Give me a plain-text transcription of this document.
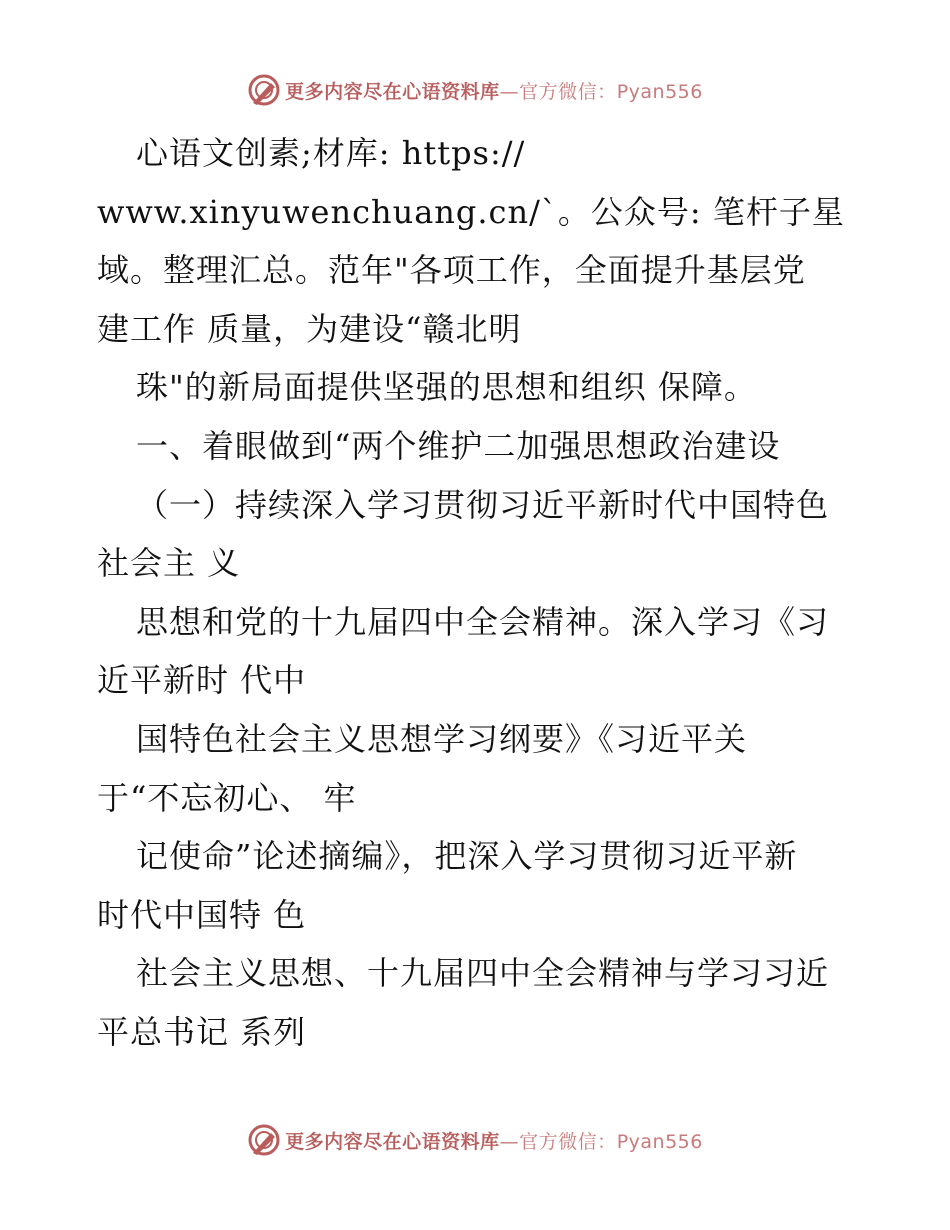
更多内容尽在心语资料库—官方微信：Pyan556
心语文创素;材库: https://
www.xinyuwenchuang.cn/`。公众号: 笔杆子星
域。整理汇总。范年"各项工作，全面提升基层党
建工作 质量，为建设“赣北明
珠"的新局面提供坚强的思想和组织 保障。
一、着眼做到“两个维护二加强思想政治建设
（一）持续深入学习贯彻习近平新时代中国特色
社会主 义
思想和党的十九届四中全会精神。深入学习《习
近平新时 代中
国特色社会主义思想学习纲要》《习近平关
于“不忘初心、 牢
记使命”论述摘编》，把深入学习贯彻习近平新
时代中国特 色
社会主义思想、十九届四中全会精神与学习习近
平总书记 系列
更多内容尽在心语资料库—官方微信：Pyan556
